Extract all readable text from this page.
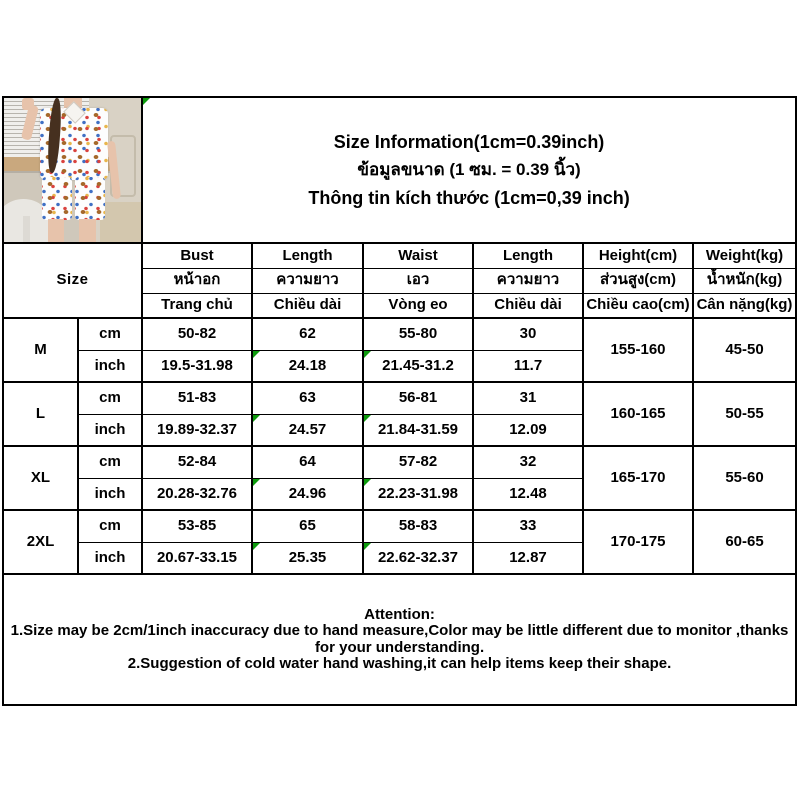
		Size Information(1cm=0.39inch)
ข้อมูลขนาด (1 ซม. = 0.39 นิ้ว)
Thông tin kích thước (1cm=0,39 inch)					

Size		Bust	Length	Waist	Length	Height(cm)	Weight(kg)
		หน้าอก	ความยาว	เอว	ความยาว	ส่วนสูง(cm)	น้ำหนัก(kg)
		Trang chủ	Chiều dài	Vòng eo	Chiều dài	Chiều cao(cm)	Cân nặng(kg)
M	cm	50-82	62	55-80	30	155-160	45-50
	inch	19.5-31.98	24.18	21.45-31.2	11.7		
L	cm	51-83	63	56-81	31	160-165	50-55
	inch	19.89-32.37	24.57	21.84-31.59	12.09		
XL	cm	52-84	64	57-82	32	165-170	55-60
	inch	20.28-32.76	24.96	22.23-31.98	12.48		
2XL	cm	53-85	65	58-83	33	170-175	60-65
	inch	20.67-33.15	25.35	22.62-32.37	12.87		

Attention:
1.Size may be 2cm/1inch inaccuracy due to hand measure,Color may be little different due to monitor ,thanks for your understanding.
2.Suggestion of cold water hand washing,it can help items keep their shape.							
